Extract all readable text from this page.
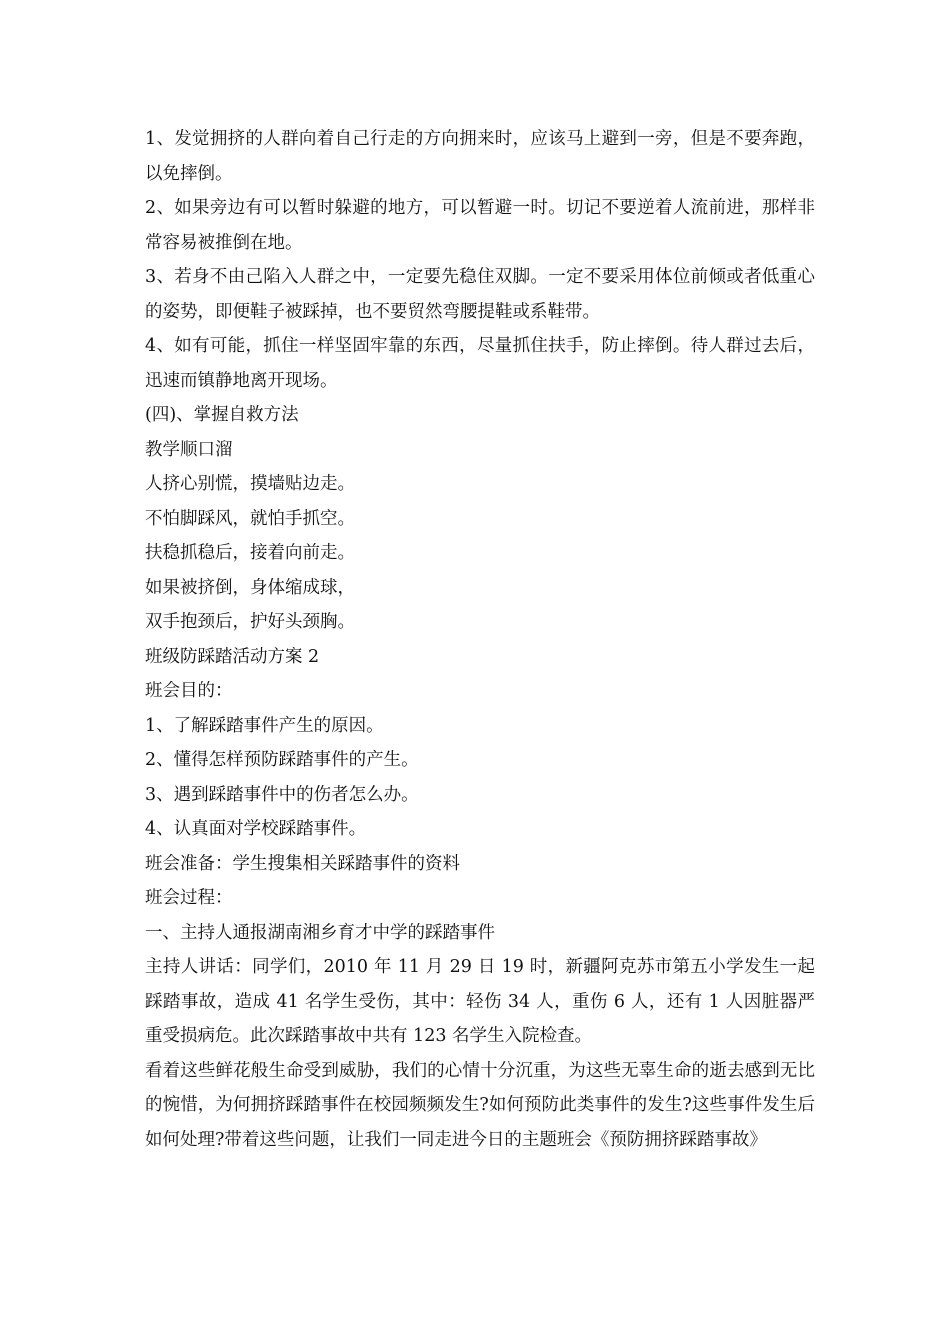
1、发觉拥挤的人群向着自己行走的方向拥来时，应该马上避到一旁，但是不要奔跑，以免摔倒。

2、如果旁边有可以暂时躲避的地方，可以暂避一时。切记不要逆着人流前进，那样非常容易被推倒在地。

3、若身不由己陷入人群之中，一定要先稳住双脚。一定不要采用体位前倾或者低重心的姿势，即便鞋子被踩掉，也不要贸然弯腰提鞋或系鞋带。

4、如有可能，抓住一样坚固牢靠的东西，尽量抓住扶手，防止摔倒。待人群过去后，迅速而镇静地离开现场。

(四)、掌握自救方法

教学顺口溜

人挤心别慌，摸墙贴边走。

不怕脚踩风，就怕手抓空。

扶稳抓稳后，接着向前走。

如果被挤倒，身体缩成球，

双手抱颈后，护好头颈胸。

班级防踩踏活动方案 2

班会目的：

1、了解踩踏事件产生的原因。

2、懂得怎样预防踩踏事件的产生。

3、遇到踩踏事件中的伤者怎么办。

4、认真面对学校踩踏事件。

班会准备：学生搜集相关踩踏事件的资料

班会过程：

一、主持人通报湖南湘乡育才中学的踩踏事件

主持人讲话：同学们，2010 年 11 月 29 日 19 时，新疆阿克苏市第五小学发生一起踩踏事故，造成 41 名学生受伤，其中：轻伤 34 人，重伤 6 人，还有 1 人因脏器严重受损病危。此次踩踏事故中共有 123 名学生入院检查。

看着这些鲜花般生命受到威胁，我们的心情十分沉重，为这些无辜生命的逝去感到无比的惋惜，为何拥挤踩踏事件在校园频频发生?如何预防此类事件的发生?这些事件发生后如何处理?带着这些问题，让我们一同走进今日的主题班会《预防拥挤踩踏事故》
